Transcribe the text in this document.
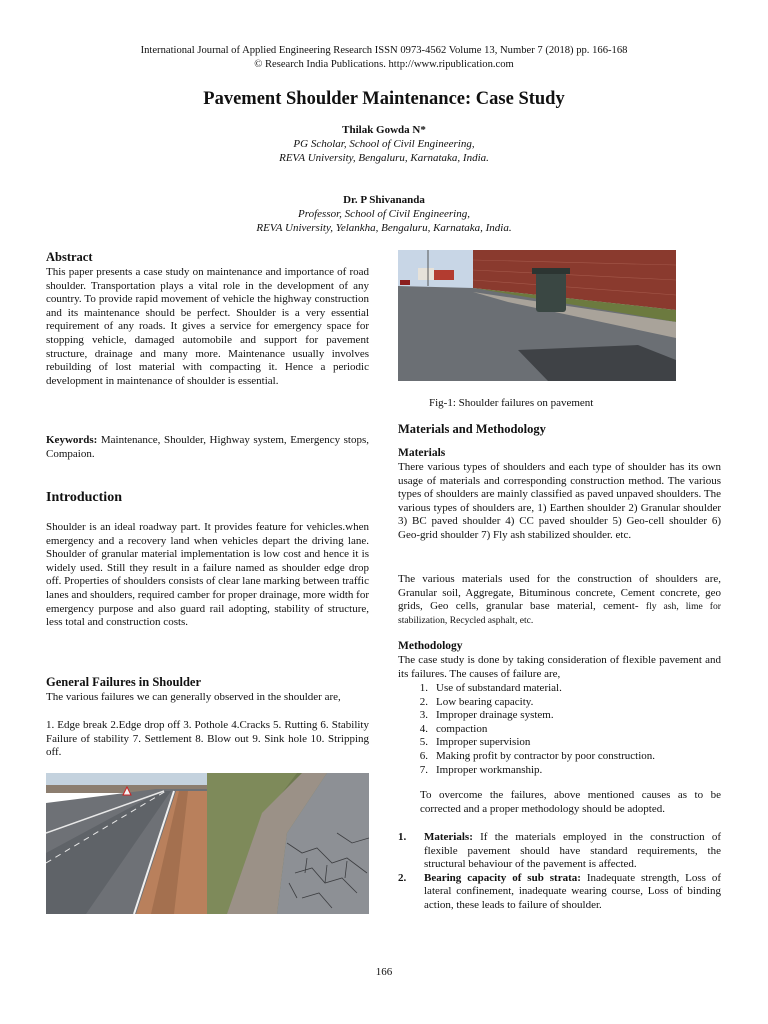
International Journal of Applied Engineering Research ISSN 0973-4562 Volume 13, Number 7 (2018) pp. 166-168
© Research India Publications. http://www.ripublication.com
Pavement Shoulder Maintenance: Case Study
Thilak Gowda N*
PG Scholar, School of Civil Engineering,
REVA University, Bengaluru, Karnataka, India.
Dr. P Shivananda
Professor, School of Civil Engineering,
REVA University, Yelankha, Bengaluru, Karnataka, India.
Abstract
This paper presents a case study on maintenance and importance of road shoulder. Transportation plays a vital role in the development of any country. To provide rapid movement of vehicle the highway construction and its maintenance should be perfect. Shoulder is a very essential requirement of any roads. It gives a service for emergency space for stopping vehicle, damaged automobile and support for pavement structure, drainage and many more. Maintenance usually involves rebuilding of lost material with compacting it. Hence a periodic development in maintenance of shoulder is essential.
Keywords: Maintenance, Shoulder, Highway system, Emergency stops, Compaion.
Introduction
Shoulder is an ideal roadway part. It provides feature for vehicles.when emergency and a recovery land when vehicles depart the driving lane. Shoulder of granular material implementation is low cost and hence it is widely used. Still they result in a failure named as shoulder edge drop off. Properties of shoulders consists of clear lane marking between traffic lanes and shoulders, required camber for proper drainage, more width for emergency purpose and also guard rail adopting, stability of structure, less total and construction costs.
General Failures in Shoulder
The various failures we can generally observed in the shoulder are,
1. Edge break 2.Edge drop off 3. Pothole 4.Cracks 5. Rutting 6. Stability Failure of stability 7. Settlement 8. Blow out 9. Sink hole 10. Stripping off.
Fig-1: Shoulder failures on pavement
Materials and Methodology
Materials
There various types of shoulders and each type of shoulder has its own usage of materials and corresponding construction method. The various types of shoulders are mainly classified as paved unpaved shoulders. The various types of shoulders are, 1) Earthen shoulder 2) Granular shoulder 3) BC paved shoulder 4) CC paved shoulder 5) Geo-cell shoulder 6) Geo-grid shoulder 7) Fly ash stabilized shoulder. etc.
The various materials used for the construction of shoulders are, Granular soil, Aggregate, Bituminous concrete, Cement concrete, geo grids, Geo cells, granular base material, cement- fly ash, lime for stabilization, Recycled asphalt, etc.
Methodology
The case study is done by taking consideration of flexible pavement and its failures. The causes of failure are,
1. Use of substandard material.
2. Low bearing capacity.
3. Improper drainage system.
4. compaction
5. Improper supervision
6. Making profit by contractor by poor construction.
7. Improper workmanship.
To overcome the failures, above mentioned causes as to be corrected and a proper methodology should be adopted.
1.	Materials: If the materials employed in the construction of flexible pavement should have standard requirements, the structural behaviour of the pavement is affected.
2.	Bearing capacity of sub strata: Inadequate strength, Loss of lateral confinement, inadequate wearing course, Loss of binding action, these leads to failure of shoulder.
166
